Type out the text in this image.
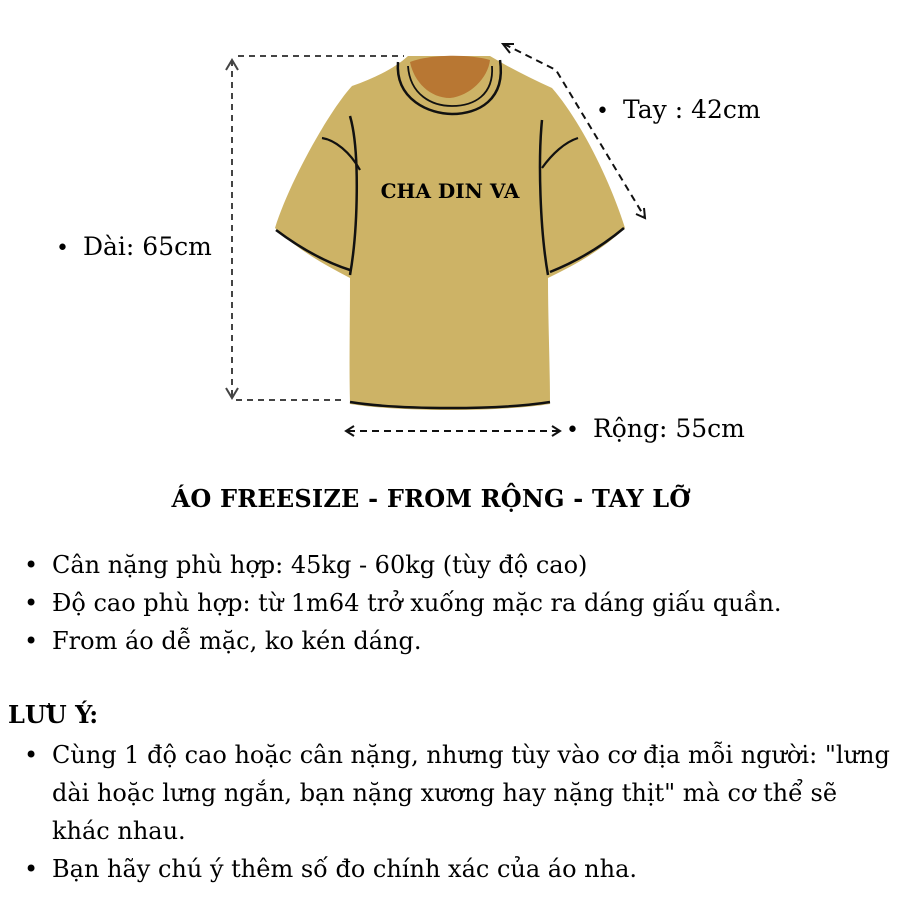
CHA DIN VA
• Tay : 42cm
• Dài: 65cm
• Rộng: 55cm
ÁO FREESIZE - FROM RỘNG - TAY LỠ
• Cân nặng phù hợp: 45kg - 60kg (tùy độ cao)
• Độ cao phù hợp: từ 1m64 trở xuống mặc ra dáng giấu quần.
• From áo dễ mặc, ko kén dáng.
LƯU Ý:
• Cùng 1 độ cao hoặc cân nặng, nhưng tùy vào cơ địa mỗi người: "lưng dài hoặc lưng ngắn, bạn nặng xương hay nặng thịt" mà cơ thể sẽ khác nhau.
• Bạn hãy chú ý thêm số đo chính xác của áo nha.
